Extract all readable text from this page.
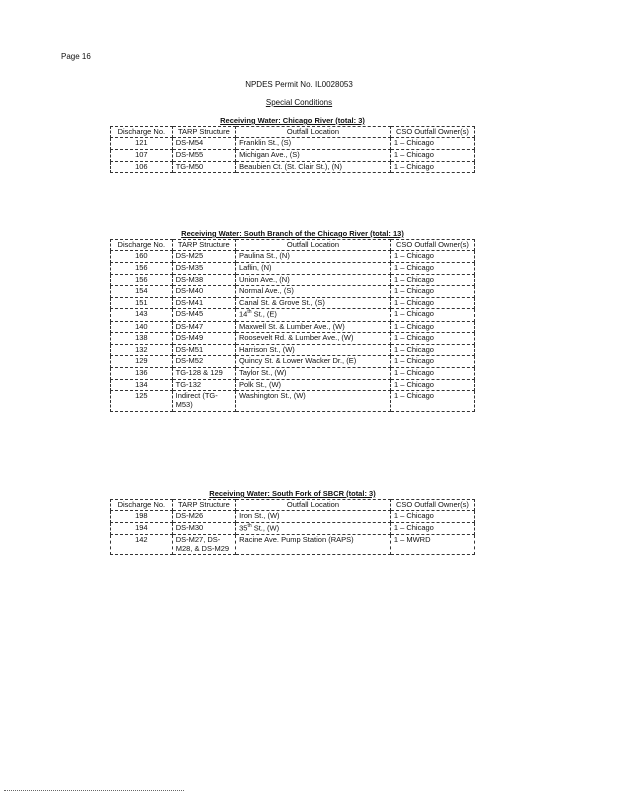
Page 16
NPDES Permit No. IL0028053
Special Conditions
Receiving Water: Chicago River (total: 3)
Discharge No.	TARP Structure	Outfall Location	CSO Outfall Owner(s)
121	DS-M54	Franklin St., (S)	1 – Chicago
107	DS-M55	Michigan Ave., (S)	1 – Chicago
106	TG-M50	Beaubien Ct. (St. Clair St.), (N)	1 – Chicago
Receiving Water: South Branch of the Chicago River (total: 13)
Discharge No.	TARP Structure	Outfall Location	CSO Outfall Owner(s)
160	DS-M25	Paulina St., (N)	1 – Chicago
156	DS-M35	Laflin, (N)	1 – Chicago
156	DS-M38	Union Ave., (N)	1 – Chicago
154	DS-M40	Normal Ave., (S)	1 – Chicago
151	DS-M41	Canal St. & Grove St., (S)	1 – Chicago
143	DS-M45	14th St., (E)	1 – Chicago
140	DS-M47	Maxwell St. & Lumber Ave., (W)	1 – Chicago
138	DS-M49	Roosevelt Rd. & Lumber Ave., (W)	1 – Chicago
132	DS-M51	Harrison St., (W)	1 – Chicago
129	DS-M52	Quincy St. & Lower Wacker Dr., (E)	1 – Chicago
136	TG-128 & 129	Taylor St., (W)	1 – Chicago
134	TG-132	Polk St., (W)	1 – Chicago
125	Indirect (TG-M53)	Washington St., (W)	1 – Chicago
Receiving Water: South Fork of SBCR (total: 3)
Discharge No.	TARP Structure	Outfall Location	CSO Outfall Owner(s)
198	DS-M26	Iron St., (W)	1 – Chicago
194	DS-M30	35th St., (W)	1 – Chicago
142	DS-M27, DS-M28, & DS-M29	Racine Ave. Pump Station (RAPS)	1 – MWRD
